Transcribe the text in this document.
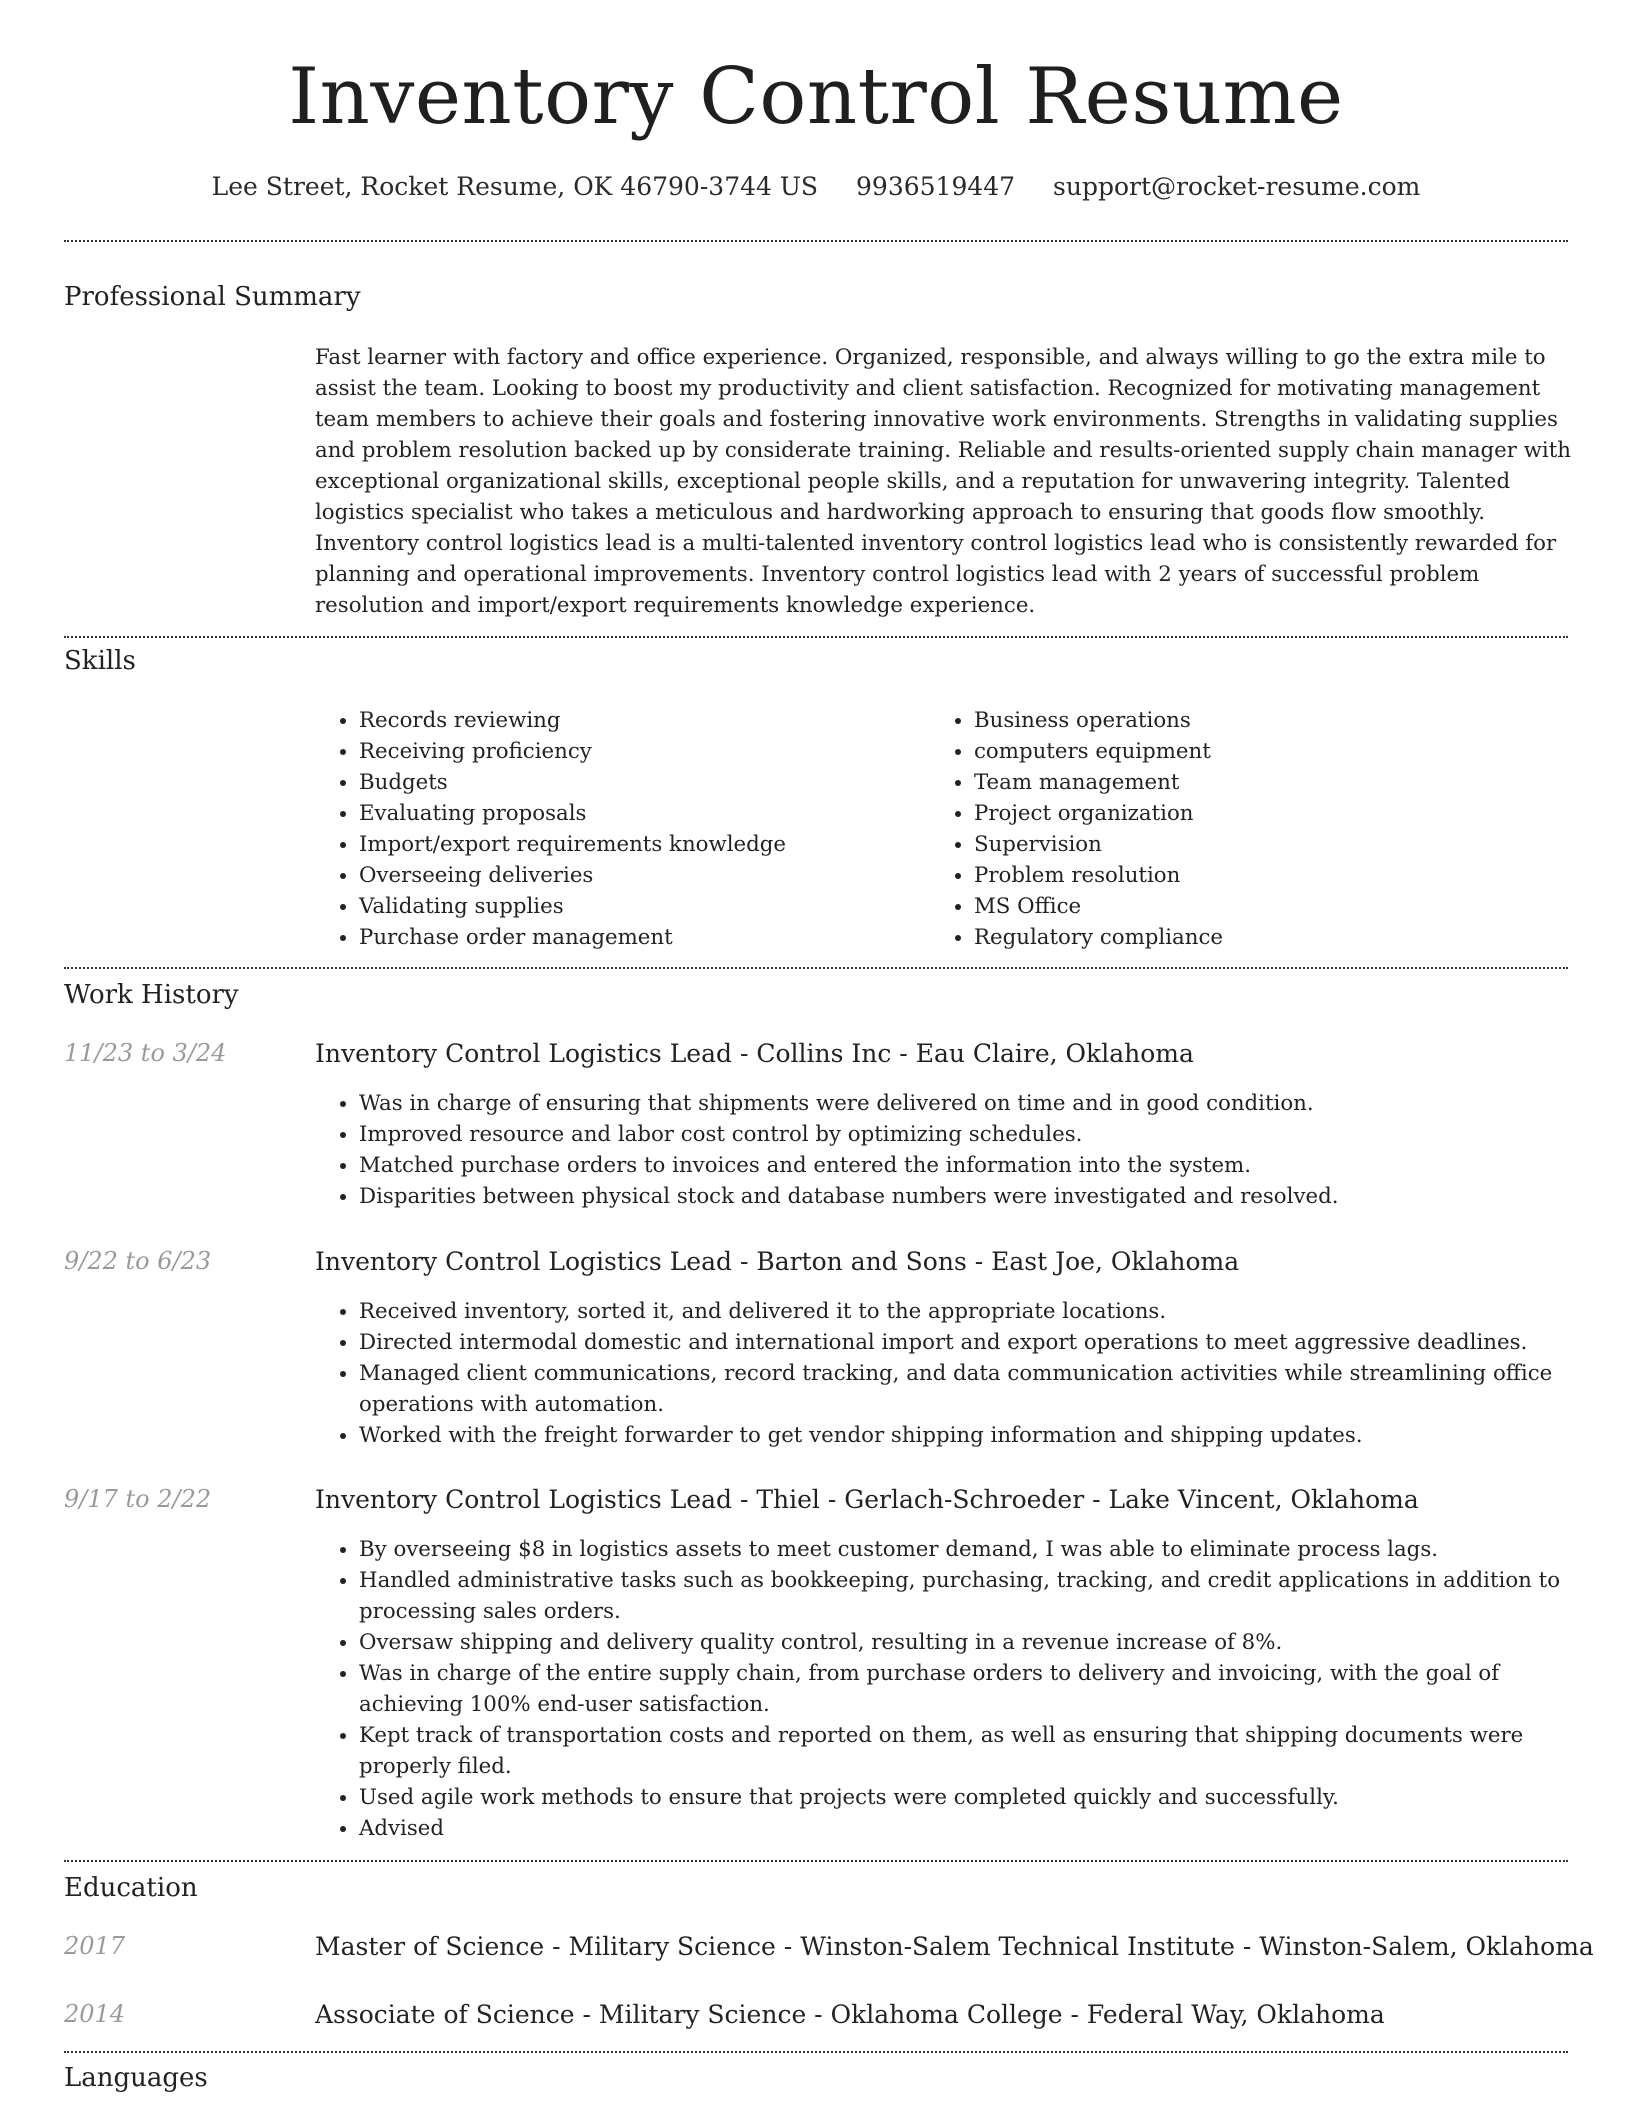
Inventory Control Resume
Lee Street, Rocket Resume, OK 46790-3744 US 9936519447 support@rocket-resume.com
Professional Summary

Fast learner with factory and office experience. Organized, responsible, and always willing to go the extra mile to assist the team. Looking to boost my productivity and client satisfaction. Recognized for motivating management team members to achieve their goals and fostering innovative work environments. Strengths in validating supplies and problem resolution backed up by considerate training. Reliable and results-oriented supply chain manager with exceptional organizational skills, exceptional people skills, and a reputation for unwavering integrity. Talented logistics specialist who takes a meticulous and hardworking approach to ensuring that goods flow smoothly. Inventory control logistics lead is a multi-talented inventory control logistics lead who is consistently rewarded for planning and operational improvements. Inventory control logistics lead with 2 years of successful problem resolution and import/export requirements knowledge experience.

Skills
• Records reviewing
• Receiving proficiency
• Budgets
• Evaluating proposals
• Import/export requirements knowledge
• Overseeing deliveries
• Validating supplies
• Purchase order management
• Business operations
• computers equipment
• Team management
• Project organization
• Supervision
• Problem resolution
• MS Office
• Regulatory compliance
Work History
11/23 to 3/24	Inventory Control Logistics Lead - Collins Inc - Eau Claire, Oklahoma
• Was in charge of ensuring that shipments were delivered on time and in good condition.
• Improved resource and labor cost control by optimizing schedules.
• Matched purchase orders to invoices and entered the information into the system.
• Disparities between physical stock and database numbers were investigated and resolved.
9/22 to 6/23	Inventory Control Logistics Lead - Barton and Sons - East Joe, Oklahoma
• Received inventory, sorted it, and delivered it to the appropriate locations.
• Directed intermodal domestic and international import and export operations to meet aggressive deadlines.
• Managed client communications, record tracking, and data communication activities while streamlining office operations with automation.
• Worked with the freight forwarder to get vendor shipping information and shipping updates.
9/17 to 2/22	Inventory Control Logistics Lead - Thiel - Gerlach-Schroeder - Lake Vincent, Oklahoma
• By overseeing $8 in logistics assets to meet customer demand, I was able to eliminate process lags.
• Handled administrative tasks such as bookkeeping, purchasing, tracking, and credit applications in addition to processing sales orders.
• Oversaw shipping and delivery quality control, resulting in a revenue increase of 8%.
• Was in charge of the entire supply chain, from purchase orders to delivery and invoicing, with the goal of achieving 100% end-user satisfaction.
• Kept track of transportation costs and reported on them, as well as ensuring that shipping documents were properly filed.
• Used agile work methods to ensure that projects were completed quickly and successfully.
• Advised
Education
2017	Master of Science - Military Science - Winston-Salem Technical Institute - Winston-Salem, Oklahoma
2014	Associate of Science - Military Science - Oklahoma College - Federal Way, Oklahoma
Languages
